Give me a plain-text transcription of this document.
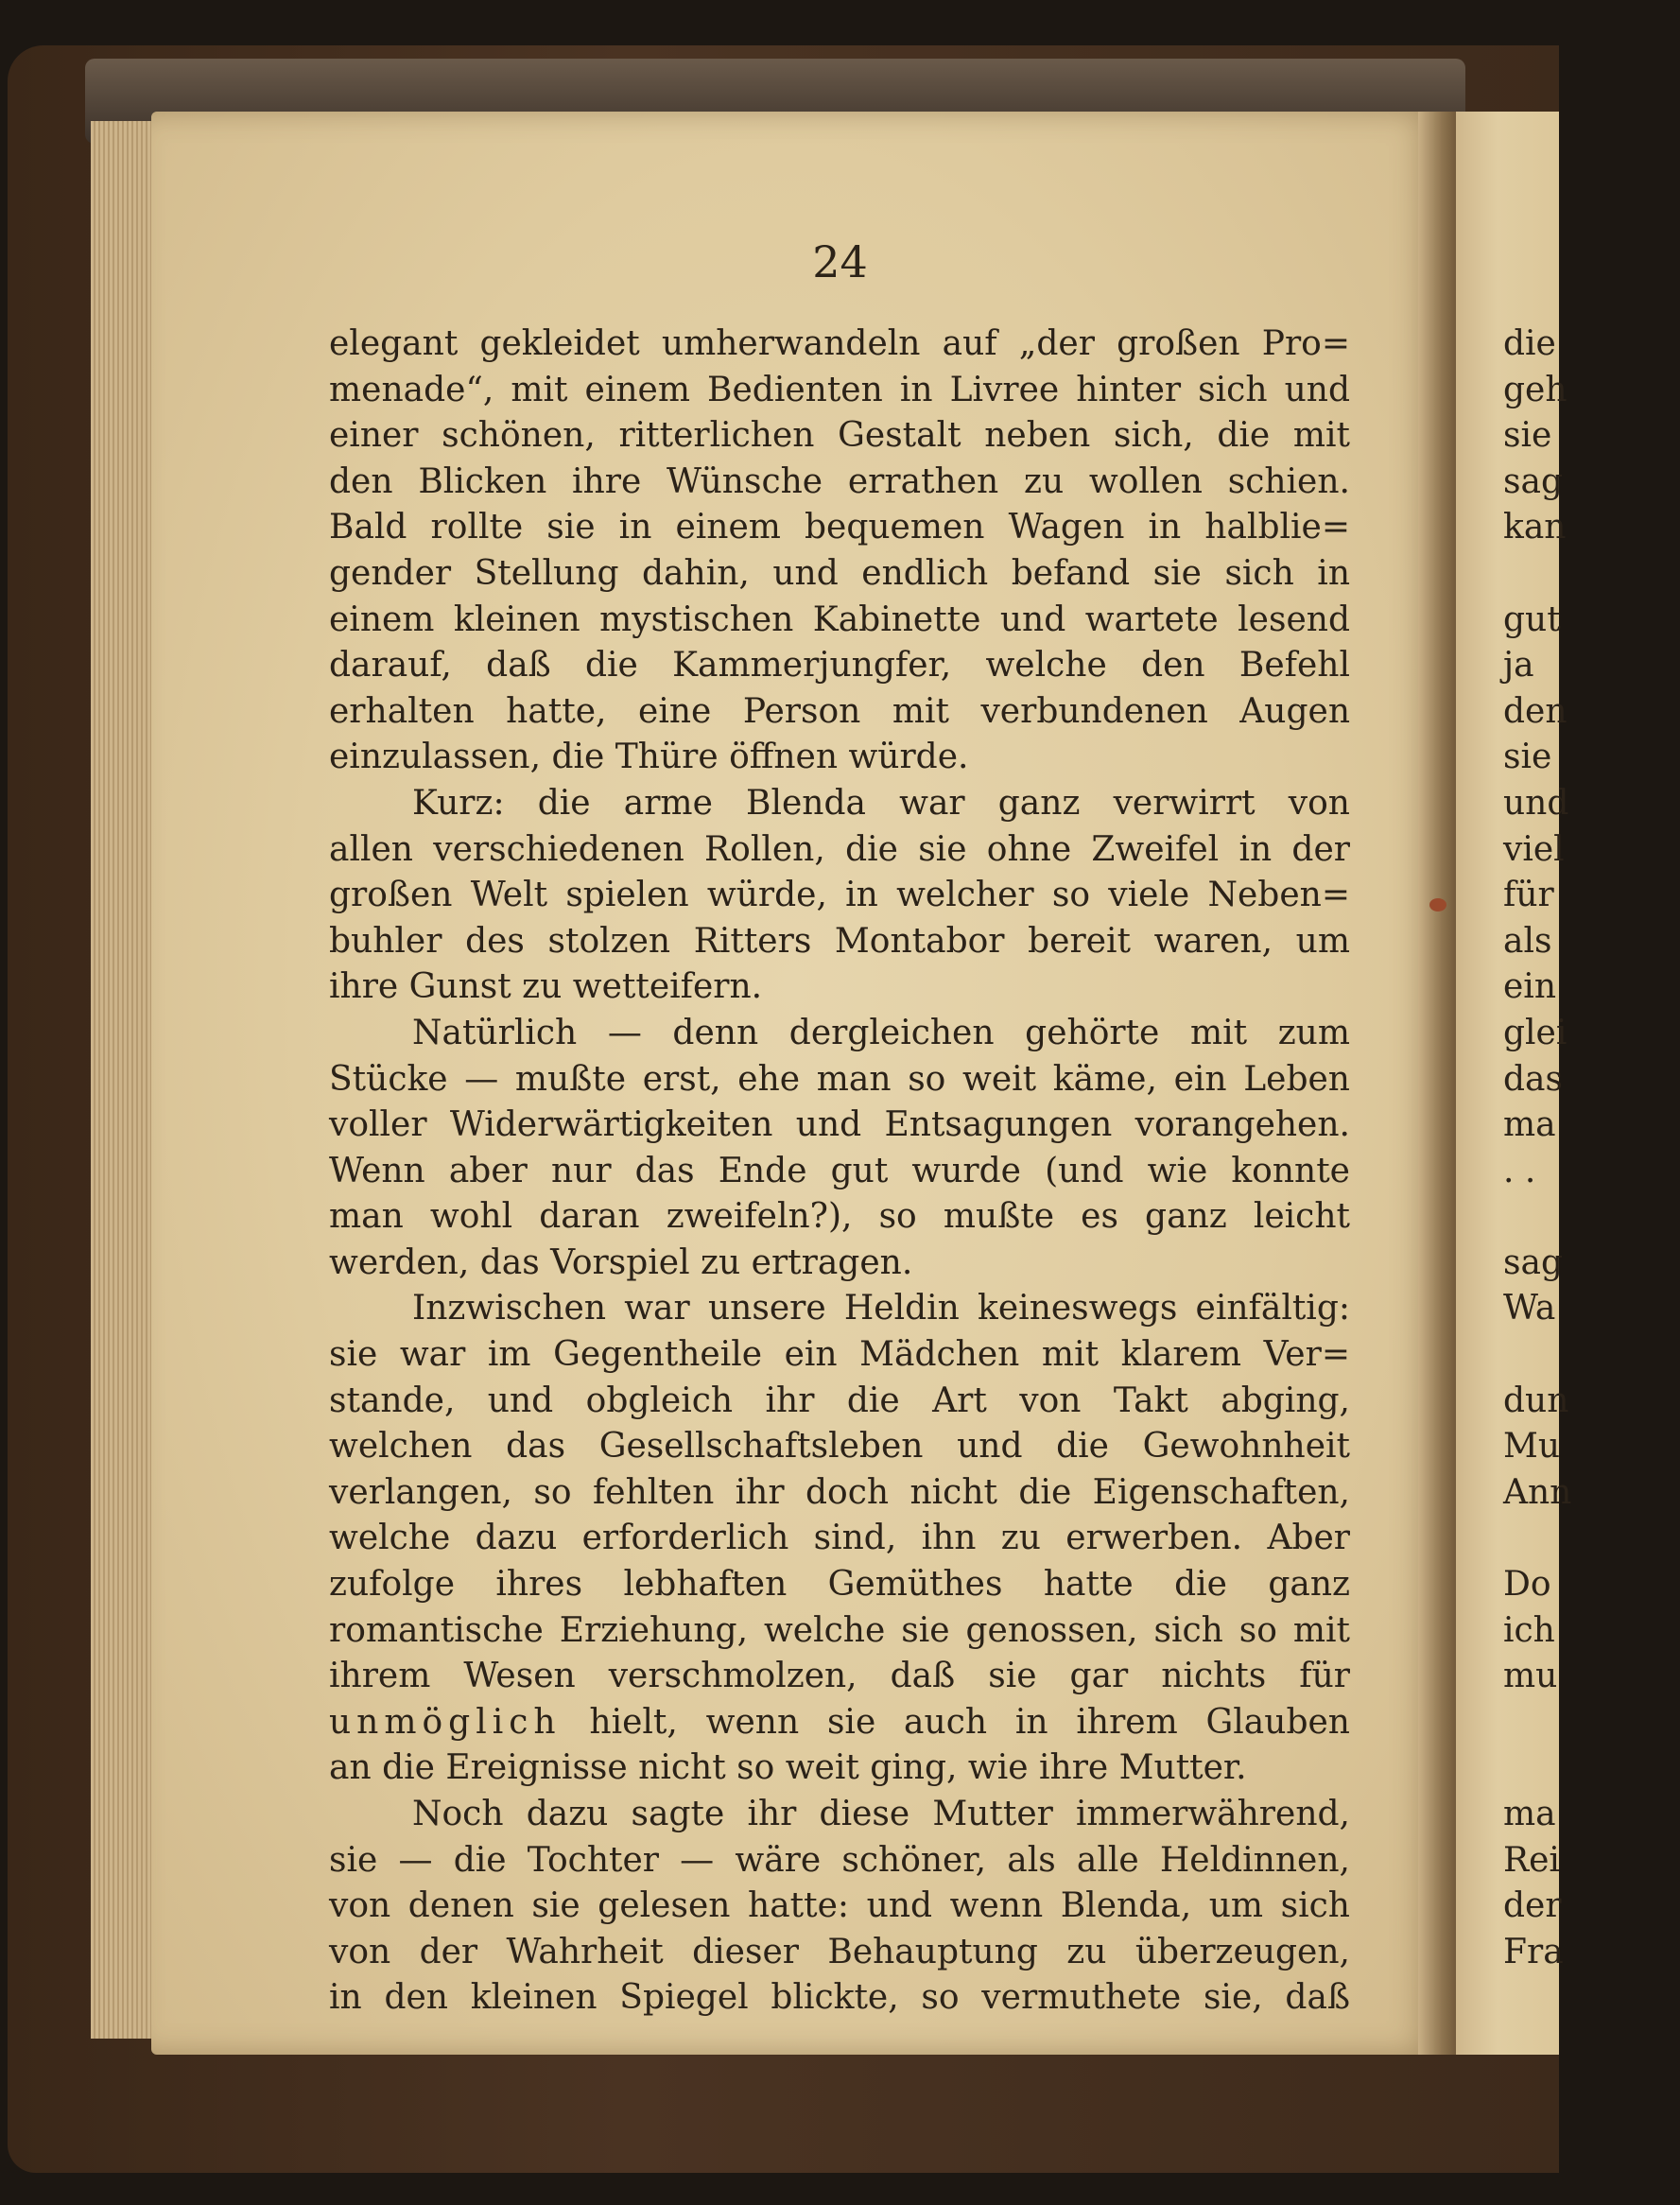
24
elegant gekleidet umherwandeln auf „der großen Pro=
menade“, mit einem Bedienten in Livree hinter sich und
einer schönen, ritterlichen Gestalt neben sich, die mit
den Blicken ihre Wünsche errathen zu wollen schien.
Bald rollte sie in einem bequemen Wagen in halblie=
gender Stellung dahin, und endlich befand sie sich in
einem kleinen mystischen Kabinette und wartete lesend
darauf, daß die Kammerjungfer, welche den Befehl
erhalten hatte, eine Person mit verbundenen Augen
einzulassen, die Thüre öffnen würde.
Kurz: die arme Blenda war ganz verwirrt von
allen verschiedenen Rollen, die sie ohne Zweifel in der
großen Welt spielen würde, in welcher so viele Neben=
buhler des stolzen Ritters Montabor bereit waren, um
ihre Gunst zu wetteifern.
Natürlich — denn dergleichen gehörte mit zum
Stücke — mußte erst, ehe man so weit käme, ein Leben
voller Widerwärtigkeiten und Entsagungen vorangehen.
Wenn aber nur das Ende gut wurde (und wie konnte
man wohl daran zweifeln?), so mußte es ganz leicht
werden, das Vorspiel zu ertragen.
Inzwischen war unsere Heldin keineswegs einfältig:
sie war im Gegentheile ein Mädchen mit klarem Ver=
stande, und obgleich ihr die Art von Takt abging,
welchen das Gesellschaftsleben und die Gewohnheit
verlangen, so fehlten ihr doch nicht die Eigenschaften,
welche dazu erforderlich sind, ihn zu erwerben. Aber
zufolge ihres lebhaften Gemüthes hatte die ganz
romantische Erziehung, welche sie genossen, sich so mit
ihrem Wesen verschmolzen, daß sie gar nichts für
unmöglich hielt, wenn sie auch in ihrem Glauben
an die Ereignisse nicht so weit ging, wie ihre Mutter.
Noch dazu sagte ihr diese Mutter immerwährend,
sie — die Tochter — wäre schöner, als alle Heldinnen,
von denen sie gelesen hatte: und wenn Blenda, um sich
von der Wahrheit dieser Behauptung zu überzeugen,
in den kleinen Spiegel blickte, so vermuthete sie, daß
die
geh
sie
sag
kan
gut
ja
den
sie
und
viel
für
als
ein
glei
das
ma
. .
sag
Wa
dun
Mu
Ann
Do
ich
mu
ma
Rei
der
Fra
